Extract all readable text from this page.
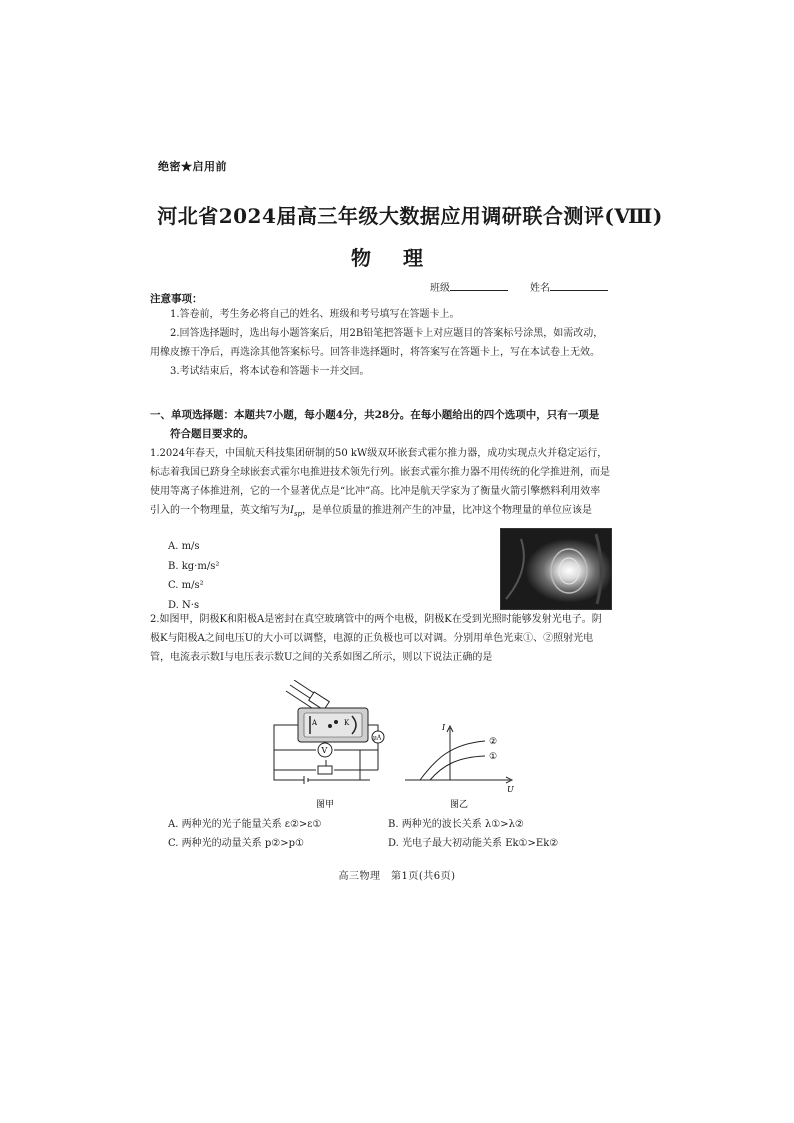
绝密★启用前
河北省2024届高三年级大数据应用调研联合测评(Ⅷ)
物　理
班级	姓名
注意事项：
1.答卷前，考生务必将自己的姓名、班级和考号填写在答题卡上。
2.回答选择题时，选出每小题答案后，用2B铅笔把答题卡上对应题目的答案标号涂黑，如需改动，用橡皮擦干净后，再选涂其他答案标号。回答非选择题时，将答案写在答题卡上，写在本试卷上无效。
3.考试结束后，将本试卷和答题卡一并交回。
一、单项选择题：本题共7小题，每小题4分，共28分。在每小题给出的四个选项中，只有一项是
符合题目要求的。
1.2024年春天，中国航天科技集团研制的50 kW级双环嵌套式霍尔推力器，成功实现点火并稳定运行，标志着我国已跻身全球嵌套式霍尔电推进技术领先行列。嵌套式霍尔推力器不用传统的化学推进剂，而是使用等离子体推进剂，它的一个显著优点是“比冲”高。比冲是航天学家为了衡量火箭引擎燃料利用效率引入的一个物理量，英文缩写为$I_{sp}$，是单位质量的推进剂产生的冲量，比冲这个物理量的单位应该是
A. m/s
B. kg·m/s²
C. m/s²
D. N·s
2.如图甲，阴极K和阳极A是密封在真空玻璃管中的两个电极，阴极K在受到光照时能够发射光电子。阴极K与阳极A之间电压U的大小可以调整，电源的正负极也可以对调。分别用单色光束①、②照射光电管，电流表示数I与电压表示数U之间的关系如图乙所示，则以下说法正确的是
A	K
V
μA
图甲
I
U
②
①
图乙
A. 两种光的光子能量关系 ε②>ε①	B. 两种光的波长关系 λ①>λ②
C. 两种光的动量关系 p②>p①	D. 光电子最大初动能关系 Ek①>Ek②
高三物理　第1页(共6页)
